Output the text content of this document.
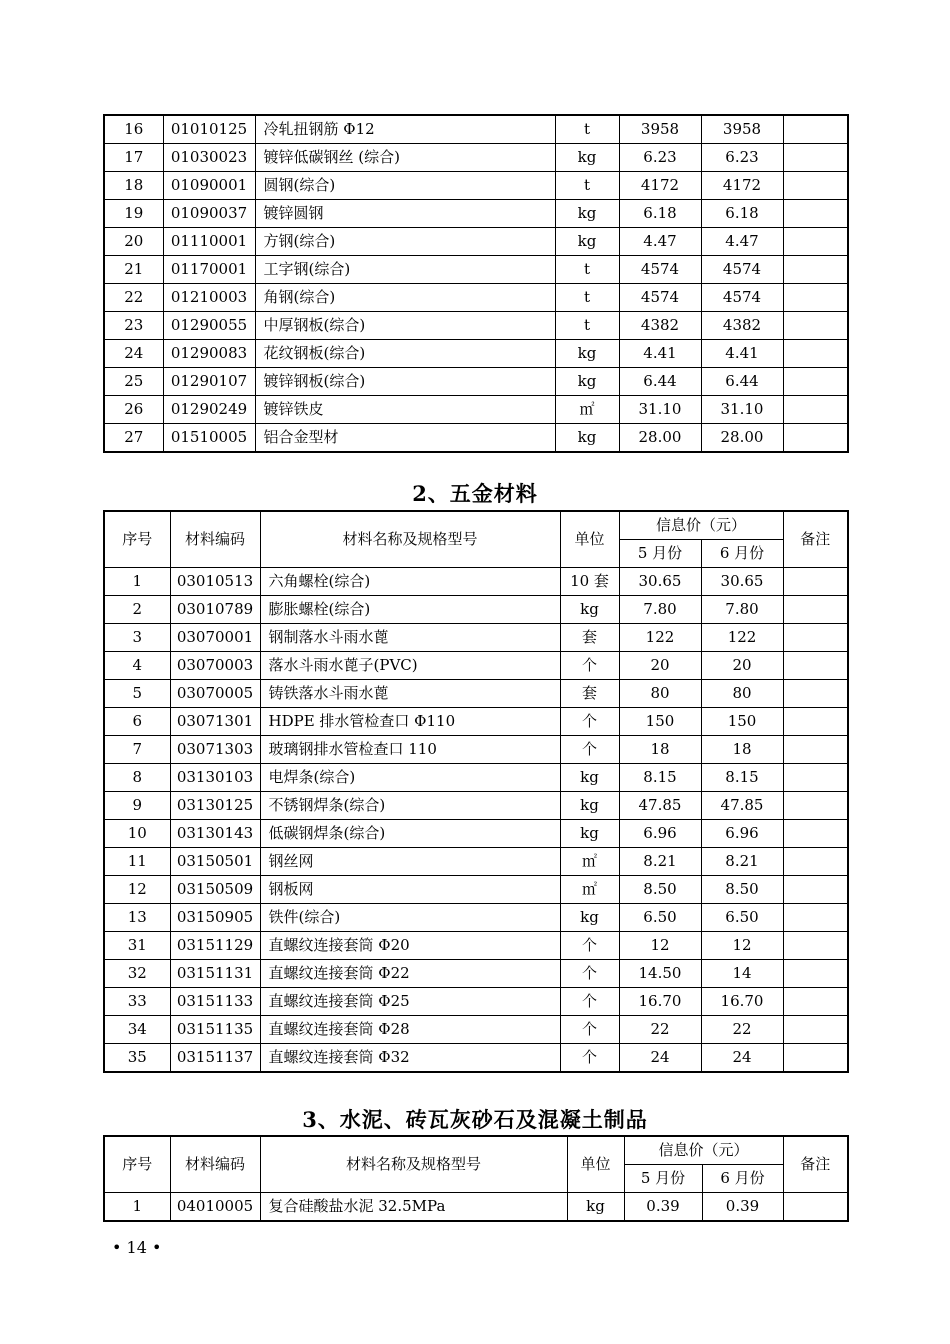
16	01010125	冷轧扭钢筋 Φ12	t	3958	3958	
17	01030023	镀锌低碳钢丝 (综合)	kg	6.23	6.23	
18	01090001	圆钢(综合)	t	4172	4172	
19	01090037	镀锌圆钢	kg	6.18	6.18	
20	01110001	方钢(综合)	kg	4.47	4.47	
21	01170001	工字钢(综合)	t	4574	4574	
22	01210003	角钢(综合)	t	4574	4574	
23	01290055	中厚钢板(综合)	t	4382	4382	
24	01290083	花纹钢板(综合)	kg	4.41	4.41	
25	01290107	镀锌钢板(综合)	kg	6.44	6.44	
26	01290249	镀锌铁皮	㎡	31.10	31.10	
27	01510005	铝合金型材	kg	28.00	28.00	
2、五金材料
序号	材料编码	材料名称及规格型号	单位	信息价（元）		备注
				5 月份	6 月份	
1	03010513	六角螺栓(综合)	10 套	30.65	30.65	
2	03010789	膨胀螺栓(综合)	kg	7.80	7.80	
3	03070001	钢制落水斗雨水蓖	套	122	122	
4	03070003	落水斗雨水蓖子(PVC)	个	20	20	
5	03070005	铸铁落水斗雨水蓖	套	80	80	
6	03071301	HDPE 排水管检查口 Φ110	个	150	150	
7	03071303	玻璃钢排水管检查口 110	个	18	18	
8	03130103	电焊条(综合)	kg	8.15	8.15	
9	03130125	不锈钢焊条(综合)	kg	47.85	47.85	
10	03130143	低碳钢焊条(综合)	kg	6.96	6.96	
11	03150501	钢丝网	㎡	8.21	8.21	
12	03150509	钢板网	㎡	8.50	8.50	
13	03150905	铁件(综合)	kg	6.50	6.50	
31	03151129	直螺纹连接套筒 Φ20	个	12	12	
32	03151131	直螺纹连接套筒 Φ22	个	14.50	14	
33	03151133	直螺纹连接套筒 Φ25	个	16.70	16.70	
34	03151135	直螺纹连接套筒 Φ28	个	22	22	
35	03151137	直螺纹连接套筒 Φ32	个	24	24	
3、水泥、砖瓦灰砂石及混凝土制品
序号	材料编码	材料名称及规格型号	单位	信息价（元）		备注
				5 月份	6 月份	
1	04010005	复合硅酸盐水泥 32.5MPa	kg	0.39	0.39	
• 14 •
